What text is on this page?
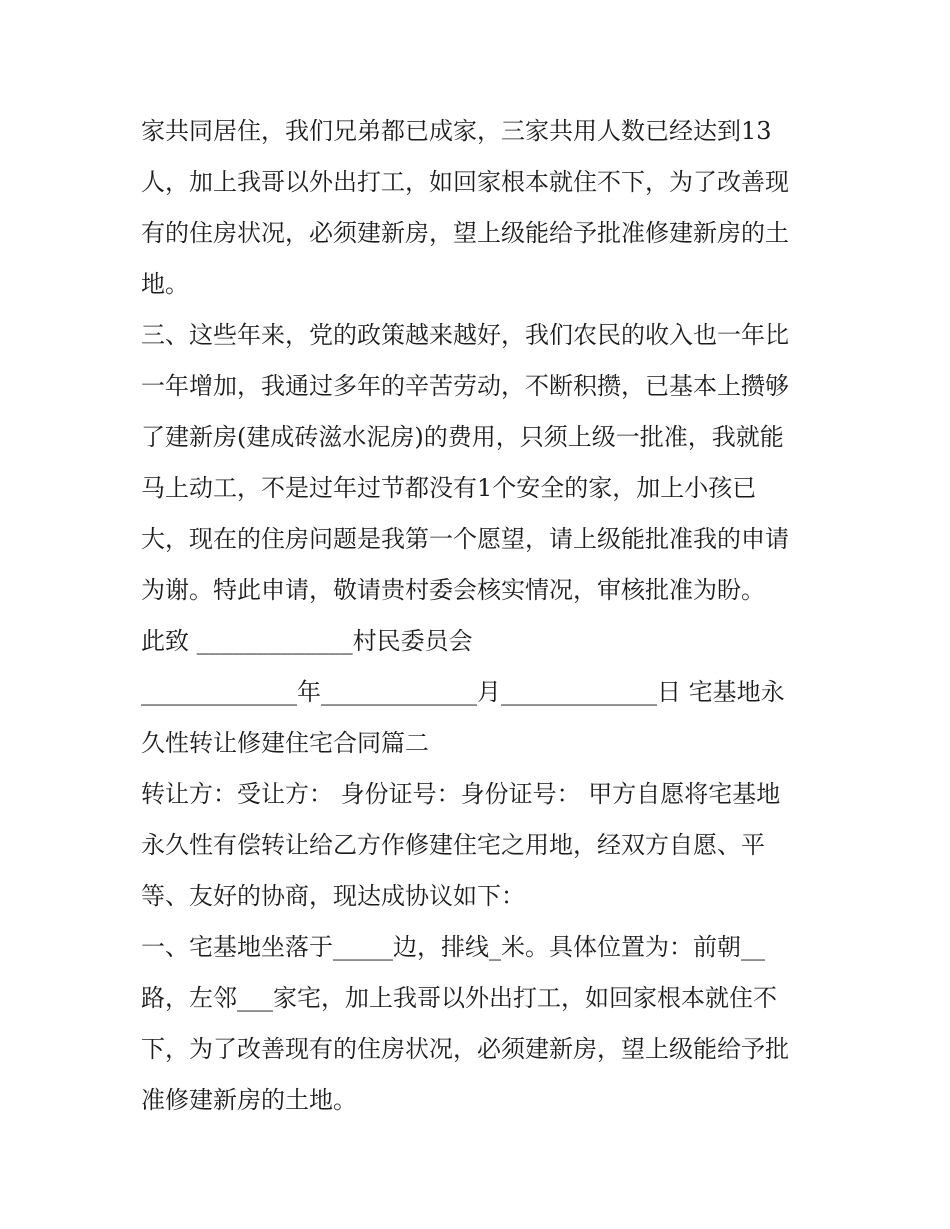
家共同居住，我们兄弟都已成家，三家共用人数已经达到13
人，加上我哥以外出打工，如回家根本就住不下，为了改善现
有的住房状况，必须建新房，望上级能给予批准修建新房的土
地。
三、这些年来，党的政策越来越好，我们农民的收入也一年比
一年增加，我通过多年的辛苦劳动，不断积攒，已基本上攒够
了建新房(建成砖滋水泥房)的费用，只须上级一批准，我就能
马上动工，不是过年过节都没有1个安全的家，加上小孩已
大，现在的住房问题是我第一个愿望，请上级能批准我的申请
为谢。特此申请，敬请贵村委会核实情况，审核批准为盼。
此致 _____________村民委员会
_____________年_____________月_____________日 宅基地永
久性转让修建住宅合同篇二
转让方：受让方： 身份证号：身份证号： 甲方自愿将宅基地
永久性有偿转让给乙方作修建住宅之用地，经双方自愿、平
等、友好的协商，现达成协议如下：
一、宅基地坐落于_____边，排线_米。具体位置为：前朝__
路，左邻___家宅，加上我哥以外出打工，如回家根本就住不
下，为了改善现有的住房状况，必须建新房，望上级能给予批
准修建新房的土地。
